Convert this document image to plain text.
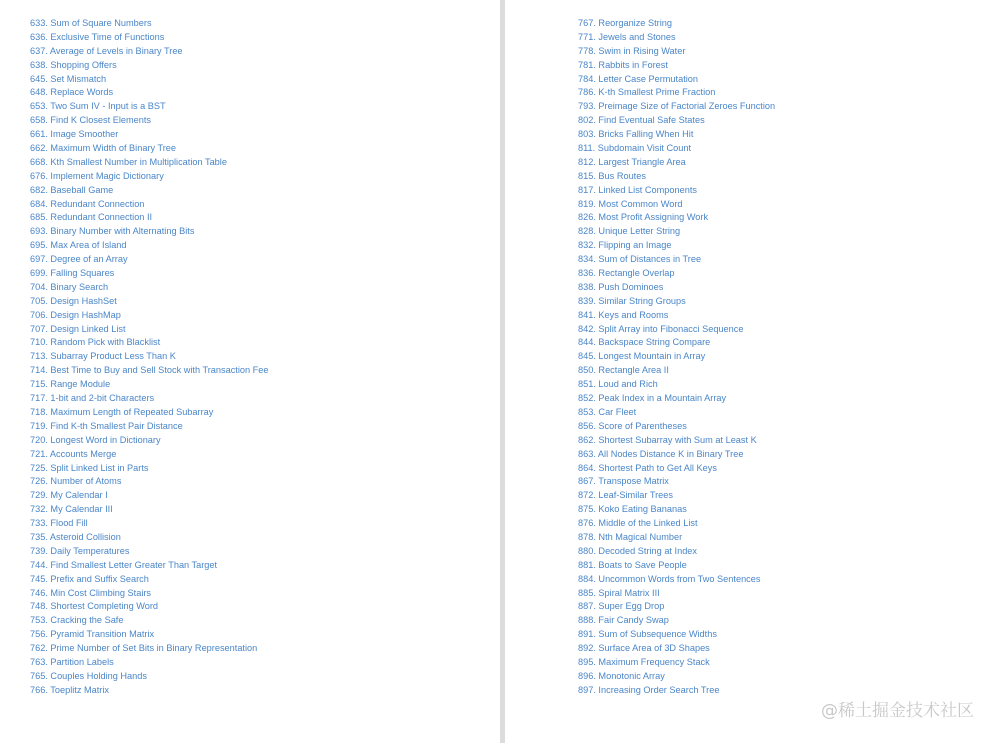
633. Sum of Square Numbers
636. Exclusive Time of Functions
637. Average of Levels in Binary Tree
638. Shopping Offers
645. Set Mismatch
648. Replace Words
653. Two Sum IV - Input is a BST
658. Find K Closest Elements
661. Image Smoother
662. Maximum Width of Binary Tree
668. Kth Smallest Number in Multiplication Table
676. Implement Magic Dictionary
682. Baseball Game
684. Redundant Connection
685. Redundant Connection II
693. Binary Number with Alternating Bits
695. Max Area of Island
697. Degree of an Array
699. Falling Squares
704. Binary Search
705. Design HashSet
706. Design HashMap
707. Design Linked List
710. Random Pick with Blacklist
713. Subarray Product Less Than K
714. Best Time to Buy and Sell Stock with Transaction Fee
715. Range Module
717. 1-bit and 2-bit Characters
718. Maximum Length of Repeated Subarray
719. Find K-th Smallest Pair Distance
720. Longest Word in Dictionary
721. Accounts Merge
725. Split Linked List in Parts
726. Number of Atoms
729. My Calendar I
732. My Calendar III
733. Flood Fill
735. Asteroid Collision
739. Daily Temperatures
744. Find Smallest Letter Greater Than Target
745. Prefix and Suffix Search
746. Min Cost Climbing Stairs
748. Shortest Completing Word
753. Cracking the Safe
756. Pyramid Transition Matrix
762. Prime Number of Set Bits in Binary Representation
763. Partition Labels
765. Couples Holding Hands
766. Toeplitz Matrix
767. Reorganize String
771. Jewels and Stones
778. Swim in Rising Water
781. Rabbits in Forest
784. Letter Case Permutation
786. K-th Smallest Prime Fraction
793. Preimage Size of Factorial Zeroes Function
802. Find Eventual Safe States
803. Bricks Falling When Hit
811. Subdomain Visit Count
812. Largest Triangle Area
815. Bus Routes
817. Linked List Components
819. Most Common Word
826. Most Profit Assigning Work
828. Unique Letter String
832. Flipping an Image
834. Sum of Distances in Tree
836. Rectangle Overlap
838. Push Dominoes
839. Similar String Groups
841. Keys and Rooms
842. Split Array into Fibonacci Sequence
844. Backspace String Compare
845. Longest Mountain in Array
850. Rectangle Area II
851. Loud and Rich
852. Peak Index in a Mountain Array
853. Car Fleet
856. Score of Parentheses
862. Shortest Subarray with Sum at Least K
863. All Nodes Distance K in Binary Tree
864. Shortest Path to Get All Keys
867. Transpose Matrix
872. Leaf-Similar Trees
875. Koko Eating Bananas
876. Middle of the Linked List
878. Nth Magical Number
880. Decoded String at Index
881. Boats to Save People
884. Uncommon Words from Two Sentences
885. Spiral Matrix III
887. Super Egg Drop
888. Fair Candy Swap
891. Sum of Subsequence Widths
892. Surface Area of 3D Shapes
895. Maximum Frequency Stack
896. Monotonic Array
897. Increasing Order Search Tree
@稀土掘金技术社区
